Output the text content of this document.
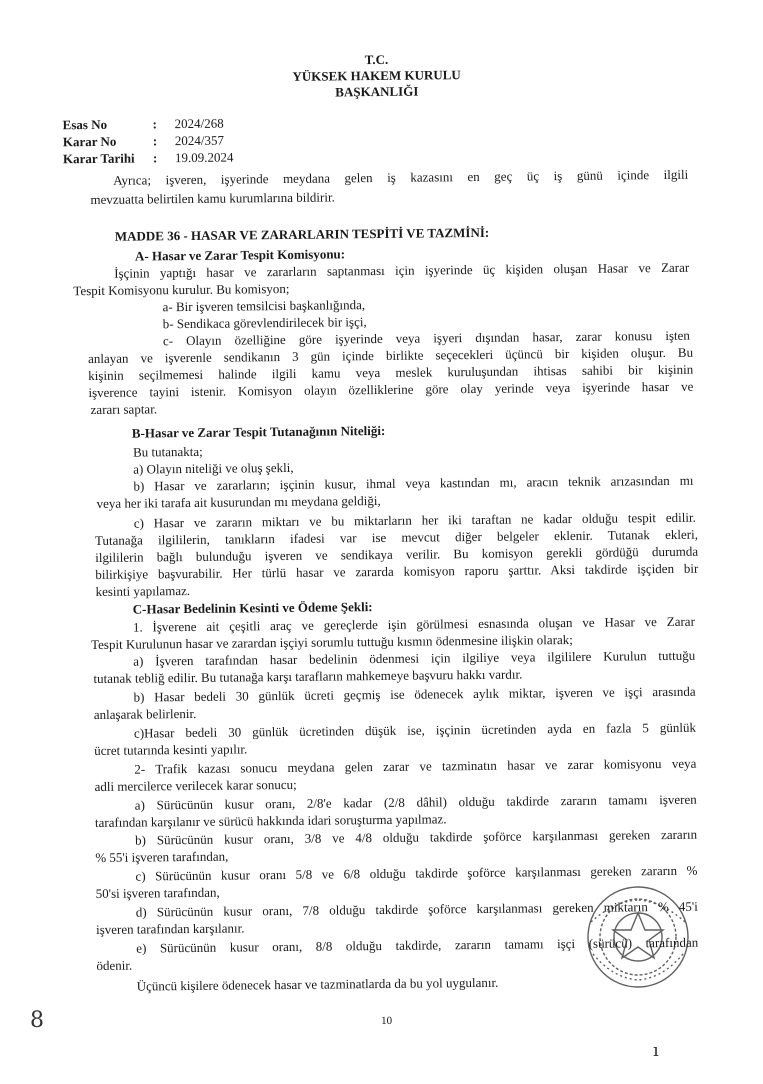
T.C.
YÜKSEK HAKEM KURULU
BAŞKANLIĞI
Esas No	: 2024/268
Karar No	: 2024/357
Karar Tarihi : 19.09.2024
Ayrıca; işveren, işyerinde meydana gelen iş kazasını en geç üç iş günü içinde ilgili
mevzuatta belirtilen kamu kurumlarına bildirir.
MADDE 36 - HASAR VE ZARARLARIN TESPİTİ VE TAZMİNİ:
A- Hasar ve Zarar Tespit Komisyonu:
İşçinin yaptığı hasar ve zararların saptanması için işyerinde üç kişiden oluşan Hasar ve Zarar
Tespit Komisyonu kurulur. Bu komisyon;
a- Bir işveren temsilcisi başkanlığında,
b- Sendikaca görevlendirilecek bir işçi,
c- Olayın özelliğine göre işyerinde veya işyeri dışından hasar, zarar konusu işten
anlayan ve işverenle sendikanın 3 gün içinde birlikte seçecekleri üçüncü bir kişiden oluşur. Bu
kişinin seçilmemesi halinde ilgili kamu veya meslek kuruluşundan ihtisas sahibi bir kişinin
işverence tayini istenir. Komisyon olayın özelliklerine göre olay yerinde veya işyerinde hasar ve
zararı saptar.
B-Hasar ve Zarar Tespit Tutanağının Niteliği:
Bu tutanakta;
a) Olayın niteliği ve oluş şekli,
b) Hasar ve zararların; işçinin kusur, ihmal veya kastından mı, aracın teknik arızasından mı
veya her iki tarafa ait kusurundan mı meydana geldiği,
c) Hasar ve zararın miktarı ve bu miktarların her iki taraftan ne kadar olduğu tespit edilir.
Tutanağa ilgililerin, tanıkların ifadesi var ise mevcut diğer belgeler eklenir. Tutanak ekleri,
ilgililerin bağlı bulunduğu işveren ve sendikaya verilir. Bu komisyon gerekli gördüğü durumda
bilirkişiye başvurabilir. Her türlü hasar ve zararda komisyon raporu şarttır. Aksi takdirde işçiden bir
kesinti yapılamaz.
C-Hasar Bedelinin Kesinti ve Ödeme Şekli:
1. İşverene ait çeşitli araç ve gereçlerde işin görülmesi esnasında oluşan ve Hasar ve Zarar
Tespit Kurulunun hasar ve zarardan işçiyi sorumlu tuttuğu kısmın ödenmesine ilişkin olarak;
a) İşveren tarafından hasar bedelinin ödenmesi için ilgiliye veya ilgililere Kurulun tuttuğu
tutanak tebliğ edilir. Bu tutanağa karşı tarafların mahkemeye başvuru hakkı vardır.
b) Hasar bedeli 30 günlük ücreti geçmiş ise ödenecek aylık miktar, işveren ve işçi arasında
anlaşarak belirlenir.
c)Hasar bedeli 30 günlük ücretinden düşük ise, işçinin ücretinden ayda en fazla 5 günlük
ücret tutarında kesinti yapılır.
2- Trafik kazası sonucu meydana gelen zarar ve tazminatın hasar ve zarar komisyonu veya
adli mercilerce verilecek karar sonucu;
a) Sürücünün kusur oranı, 2/8'e kadar (2/8 dâhil) olduğu takdirde zararın tamamı işveren
tarafından karşılanır ve sürücü hakkında idari soruşturma yapılmaz.
b) Sürücünün kusur oranı, 3/8 ve 4/8 olduğu takdirde şoförce karşılanması gereken zararın
% 55'i işveren tarafından,
c) Sürücünün kusur oranı 5/8 ve 6/8 olduğu takdirde şoförce karşılanması gereken zararın %
50'si işveren tarafından,
d) Sürücünün kusur oranı, 7/8 olduğu takdirde şoförce karşılanması gereken miktarın % 45'i
işveren tarafından karşılanır.
e) Sürücünün kusur oranı, 8/8 olduğu takdirde, zararın tamamı işçi (sürücü) tarafından
ödenir.
Üçüncü kişilere ödenecek hasar ve tazminatlarda da bu yol uygulanır.
10
8
ı
